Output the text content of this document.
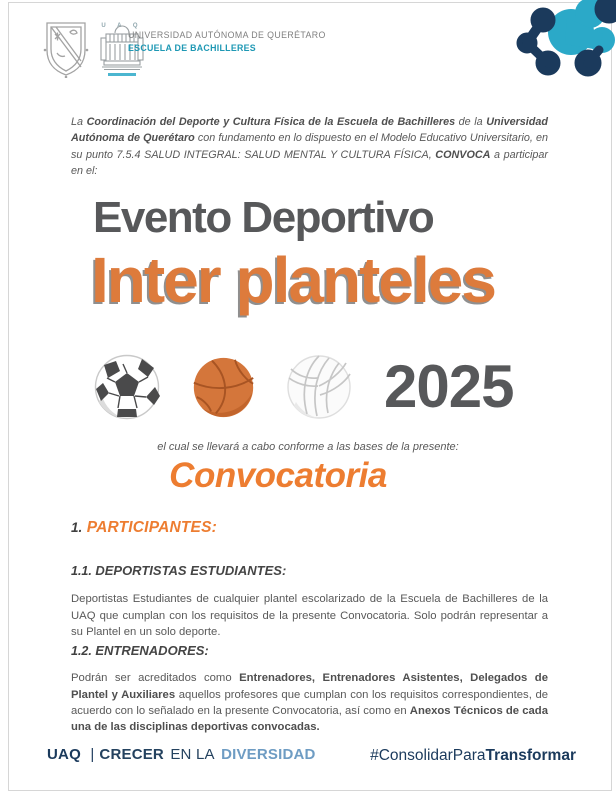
U A Q
UNIVERSIDAD AUTÓNOMA DE QUERÉTARO
ESCUELA DE BACHILLERES

La Coordinación del Deporte y Cultura Física de la Escuela de Bachilleres de la Universidad Autónoma de Querétaro con fundamento en lo dispuesto en el Modelo Educativo Universitario, en su punto 7.5.4 SALUD INTEGRAL: SALUD MENTAL Y CULTURA FÍSICA, CONVOCA a participar en el:

Evento Deportivo
Inter planteles
2025
el cual se llevará a cabo conforme a las bases de la presente:
Convocatoria
1. PARTICIPANTES:
1.1. DEPORTISTAS ESTUDIANTES:

Deportistas Estudiantes de cualquier plantel escolarizado de la Escuela de Bachilleres de la UAQ que cumplan con los requisitos de la presente Convocatoria. Solo podrán representar a su Plantel en un solo deporte.

1.2. ENTRENADORES:

Podrán ser acreditados como Entrenadores, Entrenadores Asistentes, Delegados de Plantel y Auxiliares aquellos profesores que cumplan con los requisitos correspondientes, de acuerdo con lo señalado en la presente Convocatoria, así como en Anexos Técnicos de cada una de las disciplinas deportivas convocadas.

UAQ | CRECER EN LA DIVERSIDAD	#ConsolidarParaTransformar
